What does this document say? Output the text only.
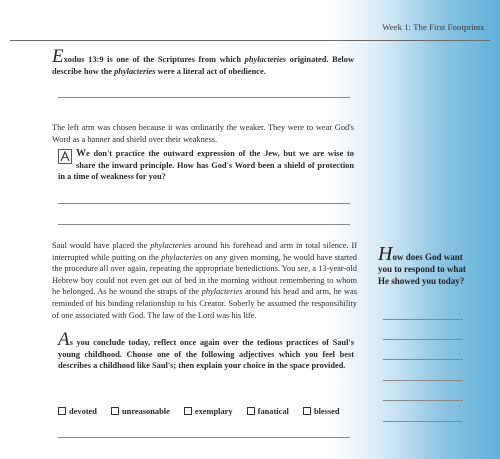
Week 1: The First Footprints
Exodus 13:9 is one of the Scriptures from which phylacteries originated. Below describe how the phylacteries were a literal act of obedience.
The left arm was chosen because it was ordinarily the weaker. They were to wear God's Word as a banner and shield over their weakness.
We don't practice the outward expression of the Jew, but we are wise to share the inward principle. How has God's Word been a shield of protection in a time of weakness for you?
Saul would have placed the phylacteries around his forehead and arm in total silence. If interrupted while putting on the phylacteries on any given morning, he would have started the procedure all over again, repeating the appropriate benedictions. You see, a 13-year-old Hebrew boy could not even get out of bed in the morning without remembering to whom he belonged. As he wound the straps of the phylacteries around his head and arm, he was reminded of his binding relationship to his Creator. Soberly he assumed the responsibility of one associated with God. The law of the Lord was his life.
As you conclude today, reflect once again over the tedious practices of Saul's young childhood. Choose one of the following adjectives which you feel best describes a childhood like Saul's; then explain your choice in the space provided.
devoted	unreasonable	exemplary	fanatical	blessed
How does God want you to respond to what He showed you today?
